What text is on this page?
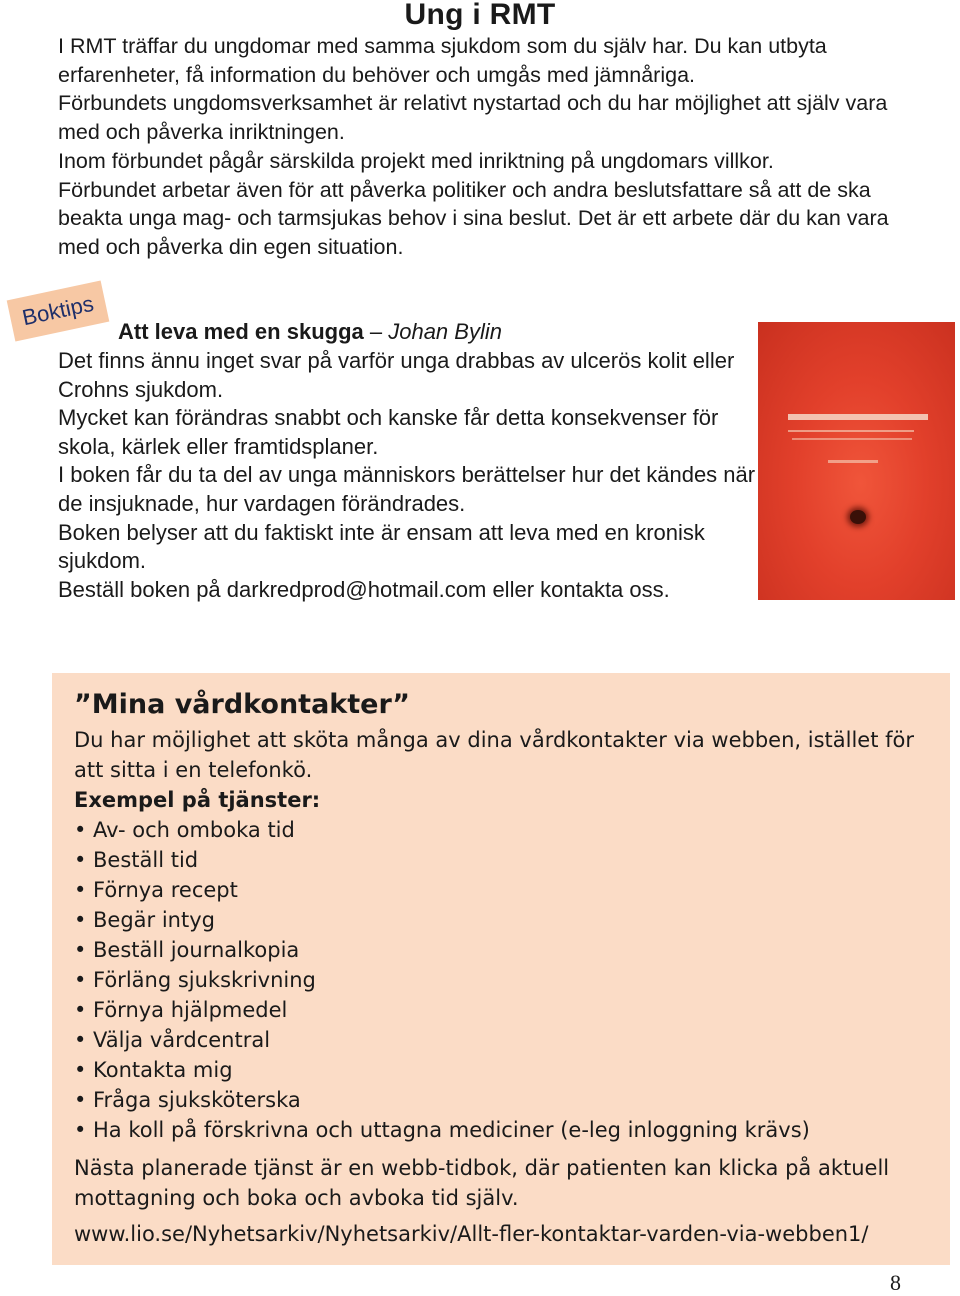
Ung i RMT

I RMT träffar du ungdomar med samma sjukdom som du själv har. Du kan utbyta erfarenheter, få information du behöver och umgås med jämnåriga.

Förbundets ungdomsverksamhet är relativt nystartad och du har möjlighet att själv vara med och påverka inriktningen.

Inom förbundet pågår särskilda projekt med inriktning på ungdomars villkor.

Förbundet arbetar även för att påverka politiker och andra beslutsfattare så att de ska beakta unga mag- och tarmsjukas behov i sina beslut. Det är ett arbete där du kan vara med och påverka din egen situation.

Boktips
Att leva med en skugga – Johan Bylin

Det finns ännu inget svar på varför unga drabbas av ulcerös kolit eller Crohns sjukdom.

Mycket kan förändras snabbt och kanske får detta konsekvenser för skola, kärlek eller framtidsplaner.

I boken får du ta del av unga människors berättelser hur det kändes när de insjuknade, hur vardagen förändrades.

Boken belyser att du faktiskt inte är ensam att leva med en kronisk sjukdom.

Beställ boken på darkredprod@hotmail.com eller kontakta oss.

”Mina vårdkontakter”

Du har möjlighet att sköta många av dina vårdkontakter via webben, istället för att sitta i en telefonkö.

Exempel på tjänster:

• Av- och omboka tid
• Beställ tid
• Förnya recept
• Begär intyg
• Beställ journalkopia
• Förläng sjukskrivning
• Förnya hjälpmedel
• Välja vårdcentral
• Kontakta mig
• Fråga sjuksköterska
• Ha koll på förskrivna och uttagna mediciner (e-leg inloggning krävs)

Nästa planerade tjänst är en webb-tidbok, där patienten kan klicka på aktuell mottagning och boka och avboka tid själv.

www.lio.se/Nyhetsarkiv/Nyhetsarkiv/Allt-fler-kontaktar-varden-via-webben1/

8
